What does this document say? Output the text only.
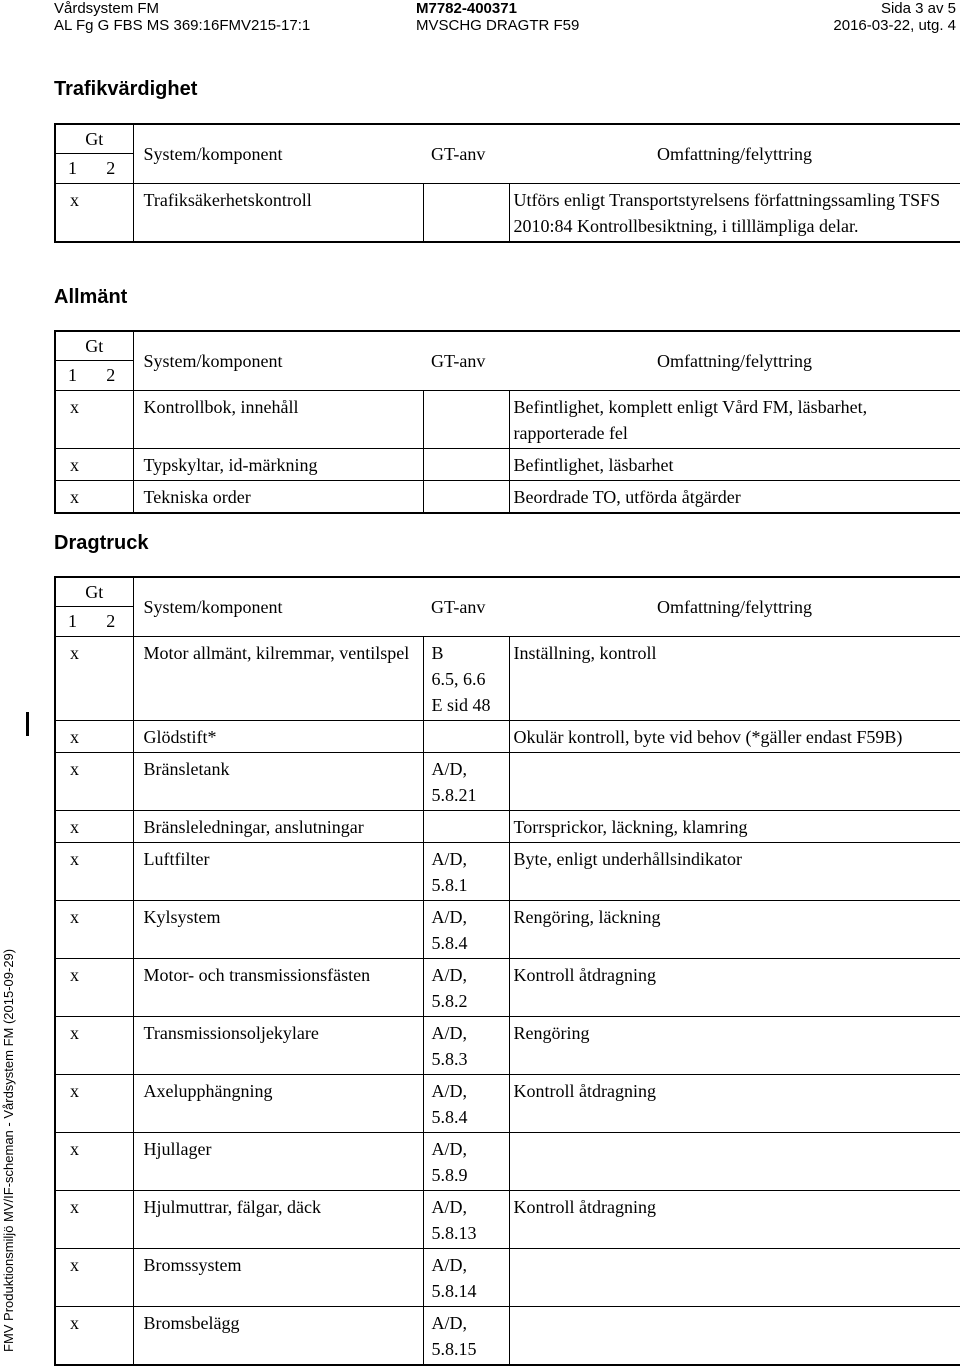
Vårdsystem FM	M7782-400371	Sida 3 av 5
AL Fg G FBS MS 369:16FMV215-17:1	MVSCHG DRAGTR F59	2016-03-22, utg. 4
FMV Produktionsmiljö MV/IF-scheman - Vårdsystem FM (2015-09-29)
Trafikvärdighet
Allmänt
Dragtruck
Gt
1 2	System/komponent	GT-anv	Omfattning/felyttring
x	Trafiksäkerhetskontroll		Utförs enligt Transportstyrelsens författningssamling TSFS 2010:84 Kontrollbesiktning, i tilllämpliga delar.
Gt
1 2	System/komponent	GT-anv	Omfattning/felyttring
x	Kontrollbok, innehåll		Befintlighet, komplett enligt Vård FM, läsbarhet, rapporterade fel
x	Typskyltar, id-märkning		Befintlighet, läsbarhet
x	Tekniska order		Beordrade TO, utförda åtgärder
Gt
1 2	System/komponent	GT-anv	Omfattning/felyttring
x	Motor allmänt, kilremmar, ventilspel	B
6.5, 6.6
E sid 48	Inställning, kontroll
x	Glödstift*		Okulär kontroll, byte vid behov (*gäller endast F59B)
x	Bränsletank	A/D,
5.8.21	
x	Bränsleledningar, anslutningar		Torrsprickor, läckning, klamring
x	Luftfilter	A/D,
5.8.1	Byte, enligt underhållsindikator
x	Kylsystem	A/D,
5.8.4	Rengöring, läckning
x	Motor- och transmissionsfästen	A/D,
5.8.2	Kontroll åtdragning
x	Transmissionsoljekylare	A/D,
5.8.3	Rengöring
x	Axelupphängning	A/D,
5.8.4	Kontroll åtdragning
x	Hjullager	A/D,
5.8.9	
x	Hjulmuttrar, fälgar, däck	A/D,
5.8.13	Kontroll åtdragning
x	Bromssystem	A/D,
5.8.14	
x	Bromsbelägg	A/D,
5.8.15	
